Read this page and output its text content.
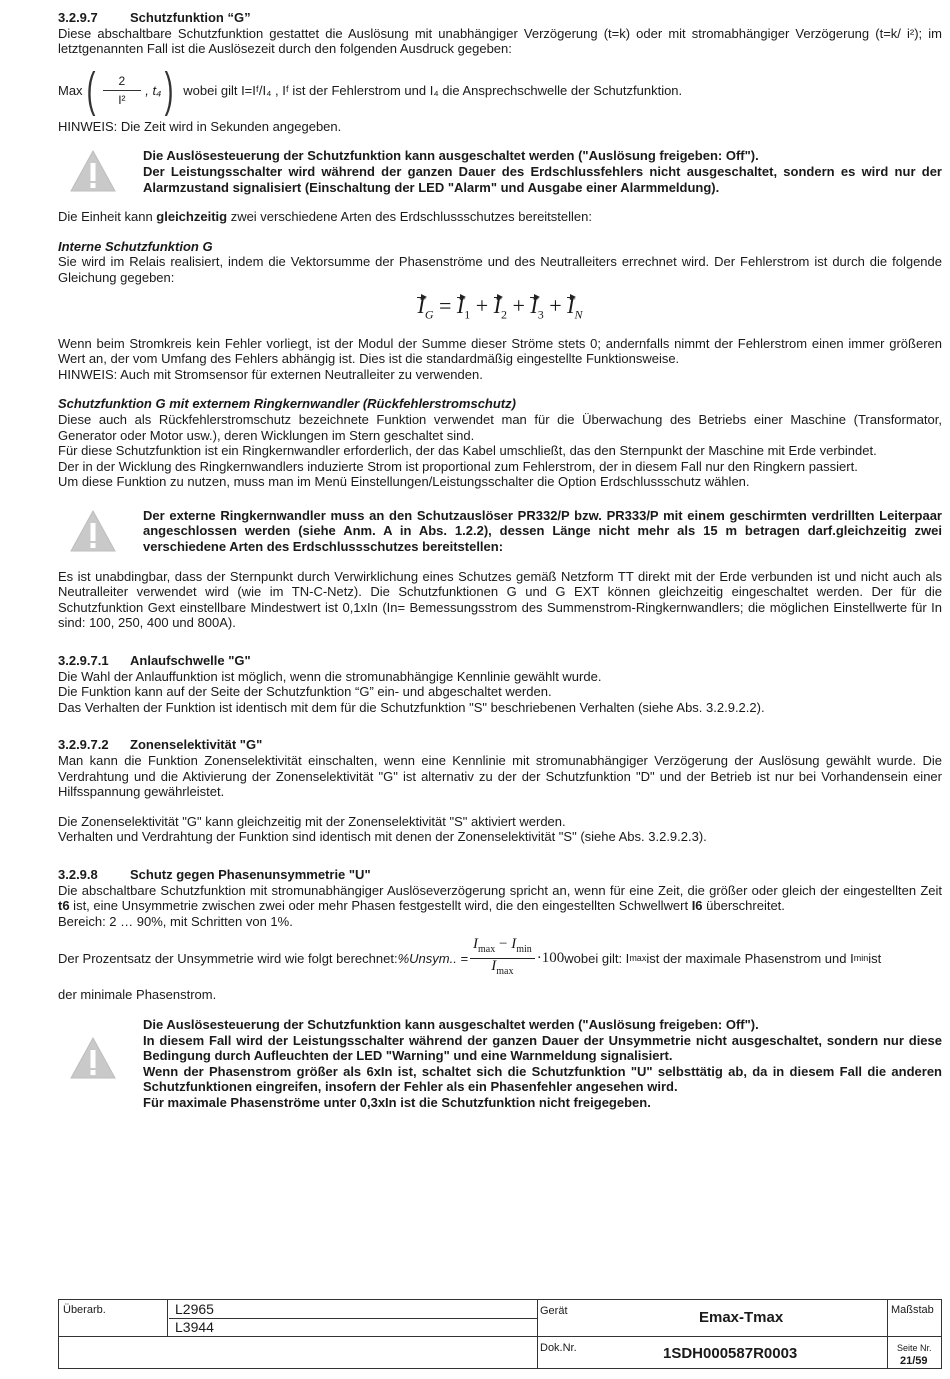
3.2.9.7 Schutzfunktion “G”

Diese abschaltbare Schutzfunktion gestattet die Auslösung mit unabhängiger Verzögerung (t=k) oder mit stromabhängiger Verzögerung (t=k/ i²); im letztgenannten Fall ist die Auslösezeit durch den folgenden Ausdruck gegeben:

Max ( $\frac{2}{\text{I²}}$ , t₄ ) wobei gilt I=Iᶠ/I₄ , Iᶠ ist der Fehlerstrom und I₄ die Ansprechschwelle der Schutzfunktion.

HINWEIS: Die Zeit wird in Sekunden angegeben.

Die Auslösesteuerung der Schutzfunktion kann ausgeschaltet werden ("Auslösung freigeben: Off").

Der Leistungsschalter wird während der ganzen Dauer des Erdschlussfehlers nicht ausgeschaltet, sondern es wird nur der Alarmzustand signalisiert (Einschaltung der LED "Alarm" und Ausgabe einer Alarmmeldung).

Die Einheit kann gleichzeitig zwei verschiedene Arten des Erdschlussschutzes bereitstellen:

Interne Schutzfunktion G

Sie wird im Relais realisiert, indem die Vektorsumme der Phasenströme und des Neutralleiters errechnet wird. Der Fehlerstrom ist durch die folgende Gleichung gegeben:

$I_G = I_1 + I_2 + I_3 + I_N$

Wenn beim Stromkreis kein Fehler vorliegt, ist der Modul der Summe dieser Ströme stets 0; andernfalls nimmt der Fehlerstrom einen immer größeren Wert an, der vom Umfang des Fehlers abhängig ist. Dies ist die standardmäßig eingestellte Funktionsweise.

HINWEIS: Auch mit Stromsensor für externen Neutralleiter zu verwenden.

Schutzfunktion G mit externem Ringkernwandler (Rückfehlerstromschutz)

Diese auch als Rückfehlerstromschutz bezeichnete Funktion verwendet man für die Überwachung des Betriebs einer Maschine (Transformator, Generator oder Motor usw.), deren Wicklungen im Stern geschaltet sind.

Für diese Schutzfunktion ist ein Ringkernwandler erforderlich, der das Kabel umschließt, das den Sternpunkt der Maschine mit Erde verbindet.

Der in der Wicklung des Ringkernwandlers induzierte Strom ist proportional zum Fehlerstrom, der in diesem Fall nur den Ringkern passiert.

Um diese Funktion zu nutzen, muss man im Menü Einstellungen/Leistungsschalter die Option Erdschlussschutz wählen.

Der externe Ringkernwandler muss an den Schutzauslöser PR332/P bzw. PR333/P mit einem geschirmten verdrillten Leiterpaar angeschlossen werden (siehe Anm. A in Abs. 1.2.2), dessen Länge nicht mehr als 15 m betragen darf.gleichzeitig zwei verschiedene Arten des Erdschlussschutzes bereitstellen:

Es ist unabdingbar, dass der Sternpunkt durch Verwirklichung eines Schutzes gemäß Netzform TT direkt mit der Erde verbunden ist und nicht auch als Neutralleiter verwendet wird (wie im TN-C-Netz). Die Schutzfunktionen G und G EXT können gleichzeitig eingeschaltet werden. Der für die Schutzfunktion Gext einstellbare Mindestwert ist 0,1xIn (In= Bemessungsstrom des Summenstrom-Ringkernwandlers; die möglichen Einstellwerte für In sind: 100, 250, 400 und 800A).

3.2.9.7.1 Anlaufschwelle "G"

Die Wahl der Anlauffunktion ist möglich, wenn die stromunabhängige Kennlinie gewählt wurde.

Die Funktion kann auf der Seite der Schutzfunktion “G” ein- und abgeschaltet werden.

Das Verhalten der Funktion ist identisch mit dem für die Schutzfunktion "S" beschriebenen Verhalten (siehe Abs. 3.2.9.2.2).

3.2.9.7.2 Zonenselektivität "G"

Man kann die Funktion Zonenselektivität einschalten, wenn eine Kennlinie mit stromunabhängiger Verzögerung der Auslösung gewählt wurde. Die Verdrahtung und die Aktivierung der Zonenselektivität "G" ist alternativ zu der der Schutzfunktion "D" und der Betrieb ist nur bei Vorhandensein einer Hilfsspannung gewährleistet.

Die Zonenselektivität "G" kann gleichzeitig mit der Zonenselektivität "S" aktiviert werden.

Verhalten und Verdrahtung der Funktion sind identisch mit denen der Zonenselektivität "S" (siehe Abs. 3.2.9.2.3).

3.2.9.8 Schutz gegen Phasenunsymmetrie "U"

Die abschaltbare Schutzfunktion mit stromunabhängiger Auslöseverzögerung spricht an, wenn für eine Zeit, die größer oder gleich der eingestellten Zeit t6 ist, eine Unsymmetrie zwischen zwei oder mehr Phasen festgestellt wird, die den eingestellten Schwellwert I6 überschreitet.

Bereich: 2 … 90%, mit Schritten von 1%.

Der Prozentsatz der Unsymmetrie wird wie folgt berechnet: %Unsym.. =
$I_{max} - I_{min}$
$I_{max}$
·100 wobei gilt: I max ist der maximale Phasenstrom und I min ist

der minimale Phasenstrom.

Die Auslösesteuerung der Schutzfunktion kann ausgeschaltet werden ("Auslösung freigeben: Off").

In diesem Fall wird der Leistungsschalter während der ganzen Dauer der Unsymmetrie nicht ausgeschaltet, sondern nur diese Bedingung durch Aufleuchten der LED "Warning" und eine Warnmeldung signalisiert.

Wenn der Phasenstrom größer als 6xIn ist, schaltet sich die Schutzfunktion "U" selbsttätig ab, da in diesem Fall die anderen Schutzfunktionen eingreifen, insofern der Fehler als ein Phasenfehler angesehen wird.

Für maximale Phasenströme unter 0,3xIn ist die Schutzfunktion nicht freigegeben.

Überarb.	L2965
L3944
Gerät	Emax-Tmax	Maßstab
Dok.Nr.	1SDH000587R0003	Seite Nr.
21/59
